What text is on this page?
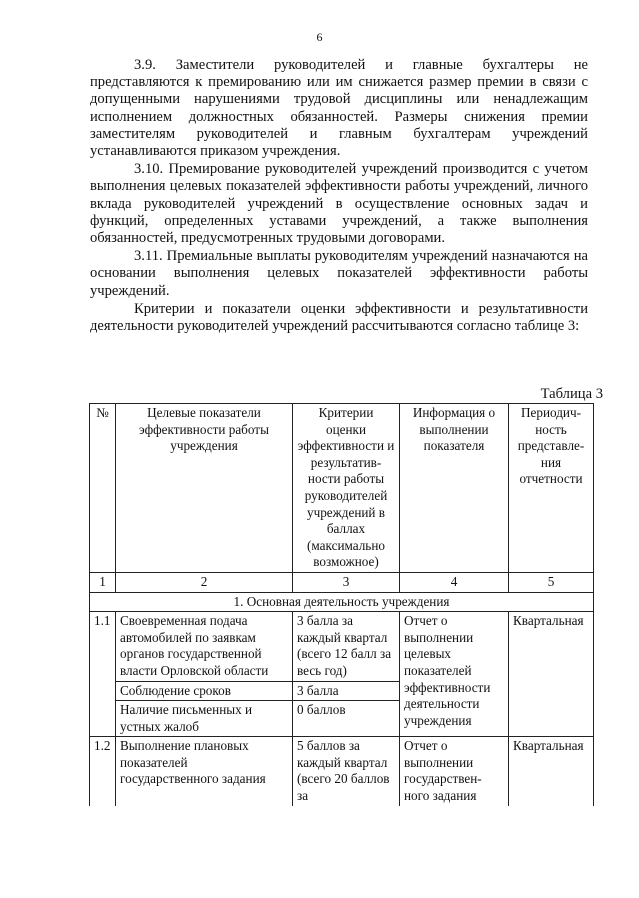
6

3.9. Заместители руководителей и главные бухгалтеры не представляются к премированию или им снижается размер премии в связи с допущенными нарушениями трудовой дисциплины или ненадлежащим исполнением должностных обязанностей. Размеры снижения премии заместителям руководителей и главным бухгалтерам учреждений устанавливаются приказом учреждения.

3.10. Премирование руководителей учреждений производится с учетом выполнения целевых показателей эффективности работы учреждений, личного вклада руководителей учреждений в осуществление основных задач и функций, определенных уставами учреждений, а также выполнения обязанностей, предусмотренных трудовыми договорами.

3.11. Премиальные выплаты руководителям учреждений назначаются на основании выполнения целевых показателей эффективности работы учреждений.

Критерии и показатели оценки эффективности и результативности деятельности руководителей учреждений рассчитываются согласно таблице 3:

Таблица 3
№	Целевые показатели эффективности работы учреждения	Критерии оценки эффективности и результатив-ности работы руководителей учреждений в баллах (максимально возможное)	Информация о выполнении показателя	Периодич-ность представле-ния отчетности
1	2	3	4	5
1. Основная деятельность учреждения				
1.1	Своевременная подача автомобилей по заявкам органов государственной власти Орловской области	3 балла за каждый квартал (всего 12 балл за весь год)	Отчет о выполнении целевых показателей эффективности деятельности учреждения	Квартальная
	Соблюдение сроков	3 балла		
	Наличие письменных и устных жалоб	0 баллов		
1.2	Выполнение плановых показателей государственного задания	5 баллов за каждый квартал (всего 20 баллов за	Отчет о выполнении государствен-ного задания	Квартальная
